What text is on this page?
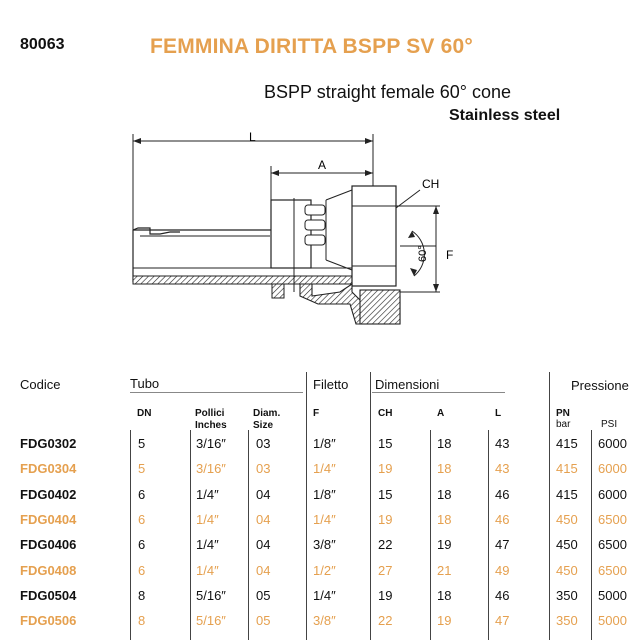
80063	FEMMINA DIRITTA BSPP SV 60°
BSPP straight female 60° cone
Stainless steel
L
A
CH
60° F
Codice	Tubo	Filetto Dimensioni	Pressione
DN	Pollici
Inches
Diam.
Size
F	CH	A	L	PN
bar	PSI
FDG0302	5	3/16″ 03	1/8″	15	18	43	415 6000
FDG0304	5	3/16″ 03	1/4″	19	18	43	415 6000
FDG0402	6	1/4″	04	1/8″	15	18	46	415 6000
FDG0404	6	1/4″	04	1/4″	19	18	46	450 6500
FDG0406	6	1/4″	04	3/8″	22	19	47	450 6500
FDG0408	6	1/4″	04	1/2″	27	21	49	450 6500
FDG0504	8	5/16″ 05	1/4″	19	18	46	350 5000
FDG0506	8	5/16″ 05	3/8″	22	19	47	350 5000
